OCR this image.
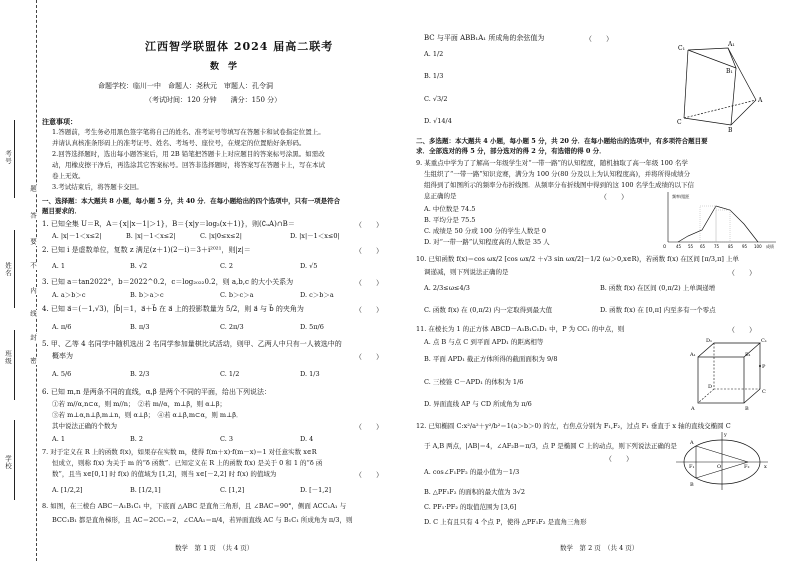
考号
姓名
班级
学校
题
答
要
不
内
线
封
密
江西智学联盟体 2024 届高二联考
数　学
命题学校：临川一中　命题人：尧秋元　审题人：孔令洞
（考试时间：120 分钟　　满分：150 分）
注意事项：
1.答题前，考生务必用黑色签字笔将自己的姓名、准考证号等填写在答题卡和试卷指定位置上。
并请认真核准条形码上的准考证号、姓名、考场号、座位号，在规定的位置贴好条形码。
2.回答选择题时，选出每小题答案后，用 2B 铅笔把答题卡上对应题目的答案标号涂黑。如需改
动，用橡皮擦干净后，再选涂其它答案标号。回答非选择题时，将答案写在答题卡上，写在本试
卷上无效。
3.考试结束后，将答题卡交回。
一、选择题：本大题共 8 小题，每小题 5 分，共 40 分．在每小题给出的四个选项中，只有一项是符合
题目要求的．
1. 已知全集 U＝R，A＝{x||x－1|＞1}，B＝{x|y＝log₂(x＋1)}，则(∁ᵤA)∩B＝	（　　）
A. |x|－1＜x≤2|	B. |x|－1＜x≤2|	C. |x|0≤x≤2|	D. |x|－1＜x≤0|
2. 已知 i 是虚数单位，复数 z 满足(z＋1)(2－i)＝3＋i²⁰²¹，则|z|＝	（　　）
A. 1	B. √2	C. 2	D. √5
3. 已知 a＝tan2022°，b＝2022^0.2，c＝log₂₀₂₂0.2，则 a,b,c 的大小关系为	（　　）
A. a＞b＞c	B. b＞a＞c	C. b＞c＞a	D. c＞b＞a
4. 已知 a⃗＝(－1,√3)，|b⃗|＝1，a⃗＋b⃗ 在 a⃗ 上的投影数量为 5/2，则 a⃗ 与 b⃗ 的夹角为	（　　）
A. π/6	B. π/3	C. 2π/3	D. 5π/6
5. 甲、乙等 4 名同学中随机选出 2 名同学参加量棋比试活动，则甲、乙两人中只有一人被选中的
概率为	（　　）
A. 5/6	B. 2/3	C. 1/2	D. 1/3
6. 已知 m,n 是两条不同的直线，α,β 是两个不同的平面，给出下列说法：
①若 m//α,n⊂α，则 m//n；　②若 m//α，m⊥β，则 α⊥β；
③若 m⊥α,n⊥β,m⊥n，则 α⊥β；　④若 α⊥β,m⊂α，则 m⊥β．
其中说法正确的个数为	（　　）
A. 1	B. 2	C. 3	D. 4
7. 对于定义在 R 上的函数 f(x)，如果存在实数 m，使得 f(m＋x)·f(m－x)＝1 对任意实数 x∈R
恒成立，则称 f(x) 为关于 m 的“δ 函数”．已知定义在 R 上的函数 f(x) 是关于 0 和 1 的“δ 函
数”，且当 x∈[0,1] 时 f(x) 的值域为 [1,2]，则当 x∈[－2,2] 时 f(x) 的值域为	（　　）
A. [1/2,2]	B. [1/2,1]	C. [1,2]	D. [－1,2]
8. 如图，在三棱台 ABC－A₁B₁C₁ 中，下底面 △ABC 是直角三角形，且 ∠BAC＝90°，侧面 ACC₁A₁ 与
BCC₁B₁ 都是直角梯形，且 AC＝2CC₁＝2，∠CAA₁＝π/4，若异面直线 AC 与 B₁C₁ 所成角为 π/3，则
数学　第 1 页　（共 4 页）
BC 与平面 ABB₁A₁ 所成角的余弦值为	（　　）
A. 1/2
B. 1/3
C. √3/2
D. √14/4
C₁
A₁
B₁
C
A
B
二、多选题：本大题共 4 小题，每小题 5 分，共 20 分．在每小题给出的选项中，有多项符合题目要
求．全部选对的得 5 分，部分选对的得 2 分，有选错的得 0 分．
9. 某重点中学为了了解高一年级学生对“一带一路”的认知程度，随机抽取了高一年级 100 名学
生组织了“一带一路”知识竞赛，满分为 100 分(80 分及以上为认知程度高)，并将所得成绩分
组得到了如图所示的频率分布折线图．从频率分布折线图中得到的这 100 名学生成绩的以下信
息正确的是	（　　）
A. 中位数是 74.5
B. 平均分是 75.5
C. 成绩是 50 分或 100 分的学生人数是 0
D. 对“一带一路”认知程度高的人数是 35 人
频率/组距
O 45 55 65 75 85 95 100 成绩
10. 已知函数 f(x)＝cos ωx/2 [cos ωx/2 ＋√3 sin ωx/2]－1/2 (ω＞0,x∈R)，若函数 f(x) 在区间 [π/3,π] 上单
调递减，则下列说法正确的是	（　　）
A. 2/3≤ω≤4/3	B. 函数 f(x) 在区间 (0,π/2) 上单调递增
C. 函数 f(x) 在 (0,π/2) 内一定取得到最大值	D. 函数 f(x) 在 [0,π] 内至多有一个零点
11. 在棱长为 1 的正方体 ABCD－A₁B₁C₁D₁ 中，P 为 CC₁ 的中点，则	（　　）
A. 点 B 与点 C 到平面 APD₁ 的距离相等
B. 平面 APD₁ 截正方体所得的截面面积为 9/8
C. 三棱锥 C－APD₁ 的体积为 1/6
D. 异面直线 AP 与 CD 所成角为 π/6
D₁	C₁
A₁	B₁
P
D
C
A	B
12. 已知椭圆 C:x²/a²＋y²/b²＝1(a＞b＞0) 的左，右焦点分别为 F₁,F₂，过点 F₁ 垂直于 x 轴的直线交椭圆 C
于 A,B 两点，|AB|＝4，∠AF₂B＝π/3，点 P 是椭圆 C 上的动点，则下列说法正确的是
（　　）
A. cos∠F₁PF₂ 的最小值为－1/3
B. △PF₁F₂ 的面积的最大值为 3√2
C. PF₁·PF₂ 的取值范围为 [3,6]
D. C 上有且只有 4 个点 P，使得 △PF₁F₂ 是直角三角形
y
A
F₁	O	F₂	x
B
数学　第 2 页　（共 4 页）
